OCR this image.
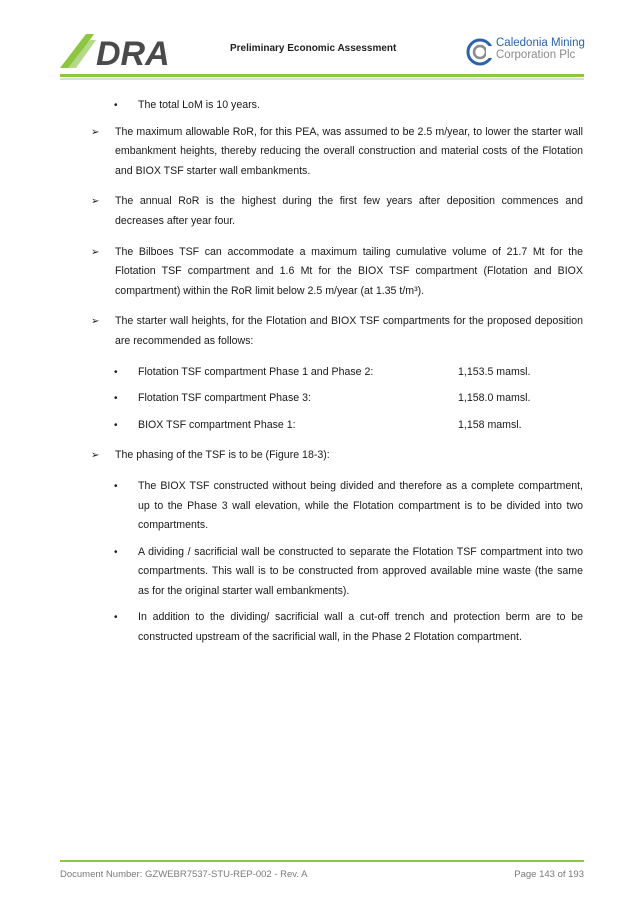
DRA	Preliminary Economic Assessment	Caledonia Mining
Corporation Plc
• The total LoM is 10 years.
➢	The maximum allowable RoR, for this PEA, was assumed to be 2.5 m/year, to lower the starter wall embankment heights, thereby reducing the overall construction and material costs of the Flotation and BIOX TSF starter wall embankments.
➢	The annual RoR is the highest during the first few years after deposition commences and decreases after year four.
➢	The Bilboes TSF can accommodate a maximum tailing cumulative volume of 21.7 Mt for the Flotation TSF compartment and 1.6 Mt for the BIOX TSF compartment (Flotation and BIOX compartment) within the RoR limit below 2.5 m/year (at 1.35 t/m³).
➢	The starter wall heights, for the Flotation and BIOX TSF compartments for the proposed deposition are recommended as follows:
• Flotation TSF compartment Phase 1 and Phase 2:	1,153.5 mamsl.
• Flotation TSF compartment Phase 3:	1,158.0 mamsl.
• BIOX TSF compartment Phase 1:	1,158 mamsl.
➢	The phasing of the TSF is to be (Figure 18-3):
• The BIOX TSF constructed without being divided and therefore as a complete compartment, up to the Phase 3 wall elevation, while the Flotation compartment is to be divided into two compartments.
• A dividing / sacrificial wall be constructed to separate the Flotation TSF compartment into two compartments. This wall is to be constructed from approved available mine waste (the same as for the original starter wall embankments).
• In addition to the dividing/ sacrificial wall a cut-off trench and protection berm are to be constructed upstream of the sacrificial wall, in the Phase 2 Flotation compartment.
Document Number: GZWEBR7537-STU-REP-002 - Rev. A	Page 143 of 193
